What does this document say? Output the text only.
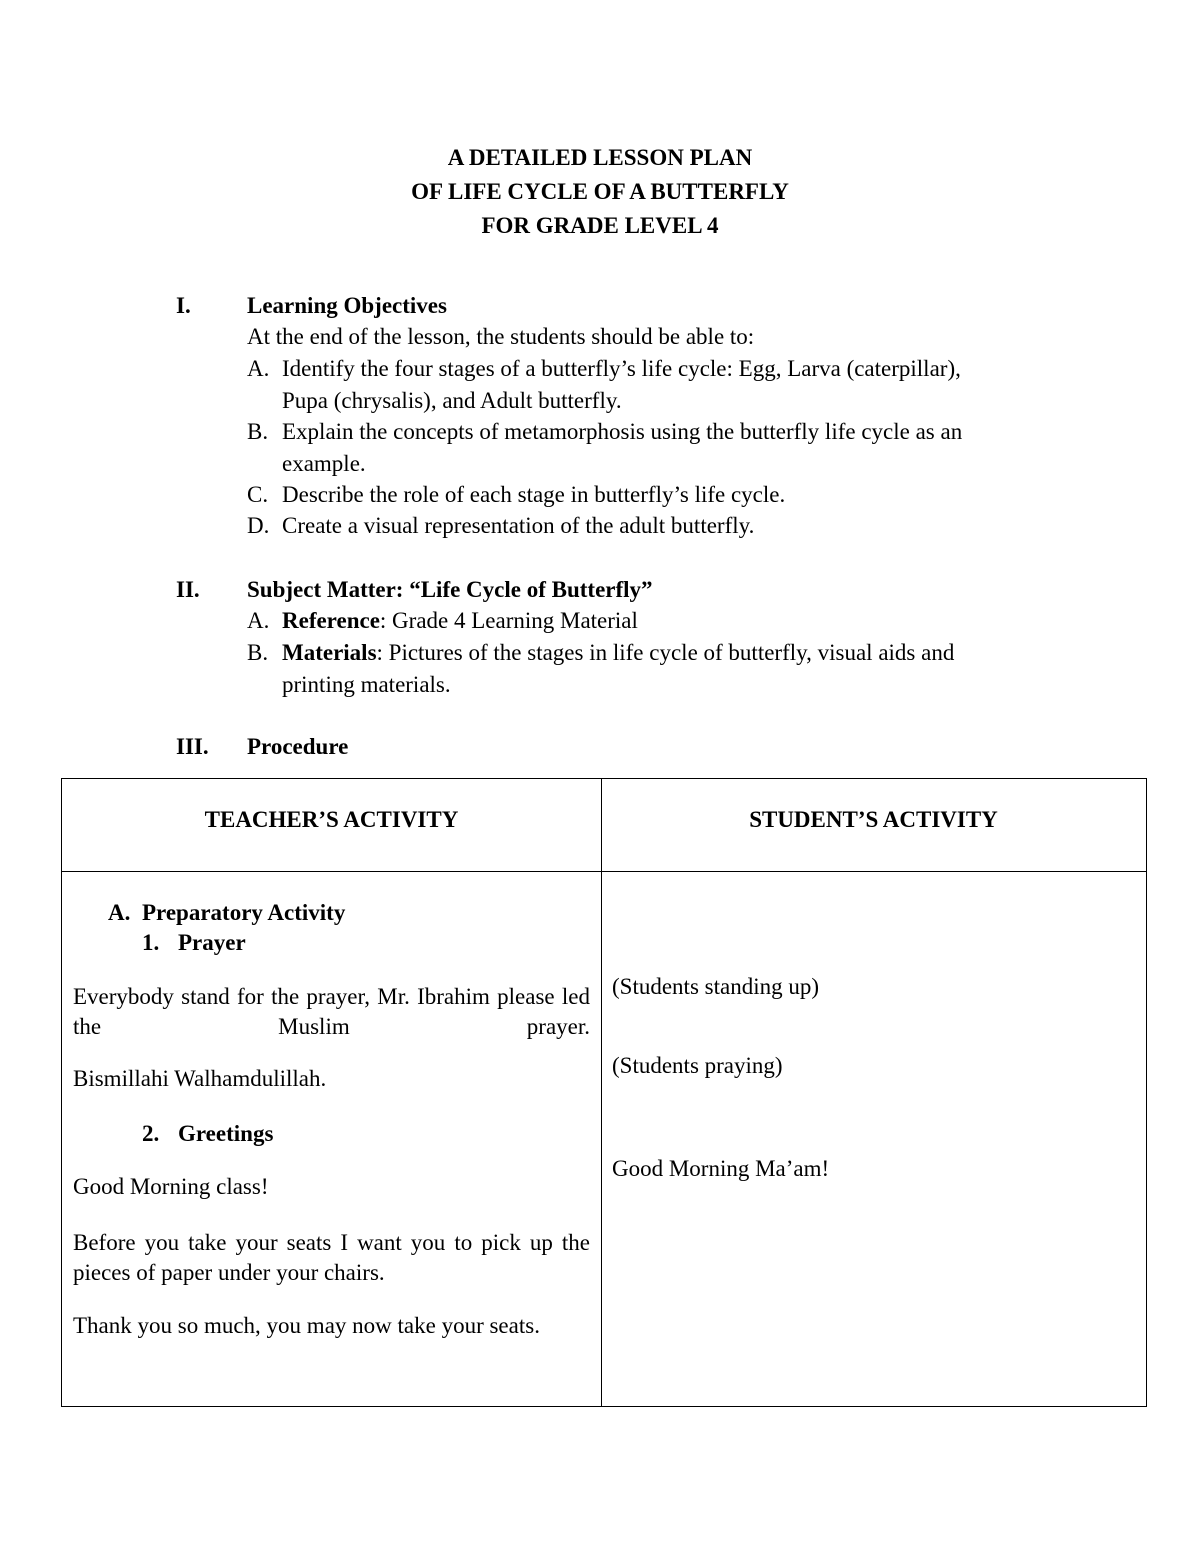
A DETAILED LESSON PLAN
OF LIFE CYCLE OF A BUTTERFLY
FOR GRADE LEVEL 4
I. Learning Objectives
At the end of the lesson, the students should be able to:
A. Identify the four stages of a butterfly’s life cycle: Egg, Larva (caterpillar),
Pupa (chrysalis), and Adult butterfly.
B. Explain the concepts of metamorphosis using the butterfly life cycle as an
example.
C. Describe the role of each stage in butterfly’s life cycle.
D. Create a visual representation of the adult butterfly.
II. Subject Matter: “Life Cycle of Butterfly”
A. Reference: Grade 4 Learning Material
B. Materials: Pictures of the stages in life cycle of butterfly, visual aids and
printing materials.
III. Procedure
TEACHER’S ACTIVITY	STUDENT’S ACTIVITY
A. Preparatory Activity
1. Prayer
Everybody stand for the prayer, Mr. Ibrahim please led the Muslim prayer.
Bismillahi Walhamdulillah.
2. Greetings
Good Morning class!
Before you take your seats I want you to pick up the pieces of paper under your chairs.
Thank you so much, you may now take your seats.
(Students standing up)
(Students praying)
Good Morning Ma’am!
